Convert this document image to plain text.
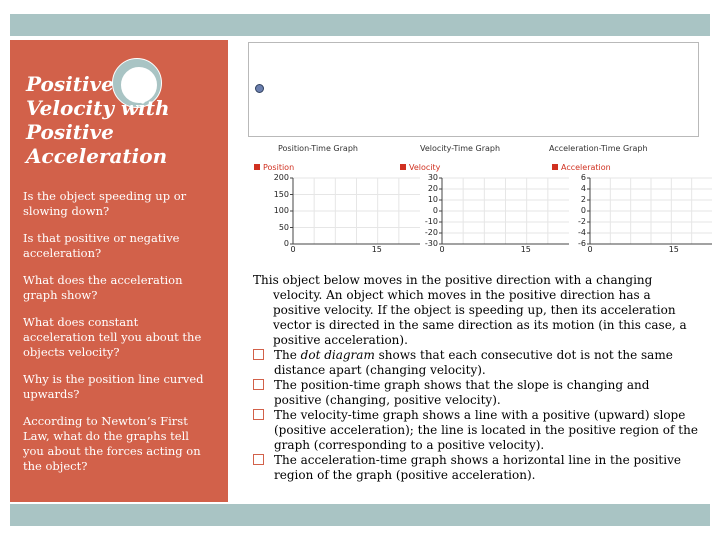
Positive Velocity with Positive Acceleration

Is the object speeding up or slowing down?

Is that positive or negative acceleration?

What does the acceleration graph show?

What does constant acceleration tell you about the objects velocity?

Why is the position line curved upwards?

According to Newton’s First Law, what do the graphs tell you about the forces acting on the object?

Position-Time Graph
Position
Velocity-Time Graph
Velocity
Acceleration-Time Graph
Acceleration
200
150
100
50
0
0	15
30
20
10
0
-10
-20
-30
0	15
6
4
2
0
-2
-4
-6
0	15

This object below moves in the positive direction with a changing velocity. An object which moves in the positive direction has a positive velocity. If the object is speeding up, then its acceleration vector is directed in the same direction as its motion (in this case, a positive acceleration).

The dot diagram shows that each consecutive dot is not the same distance apart (changing velocity).

The position-time graph shows that the slope is changing and positive (changing, positive velocity).

The velocity-time graph shows a line with a positive (upward) slope (positive acceleration); the line is located in the positive region of the graph (corresponding to a positive velocity).

The acceleration-time graph shows a horizontal line in the positive region of the graph (positive acceleration).
